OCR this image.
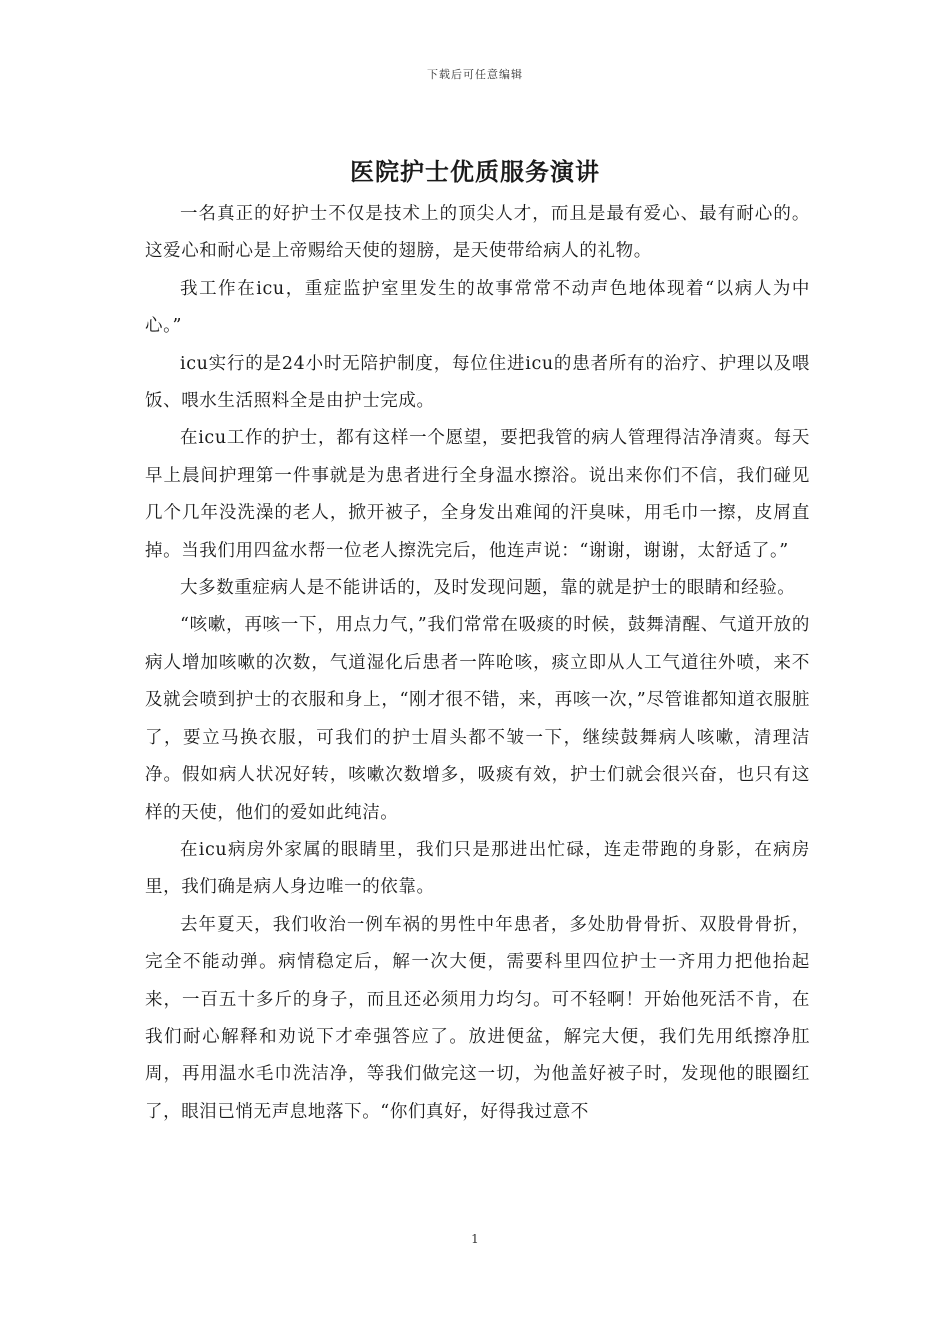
下载后可任意编辑
医院护士优质服务演讲

一名真正的好护士不仅是技术上的顶尖人才，而且是最有爱心、最有耐心的。这爱心和耐心是上帝赐给天使的翅膀，是天使带给病人的礼物。

我工作在icu，重症监护室里发生的故事常常不动声色地体现着“以病人为中心。”

icu实行的是24小时无陪护制度，每位住进icu的患者所有的治疗、护理以及喂饭、喂水生活照料全是由护士完成。

在icu工作的护士，都有这样一个愿望，要把我管的病人管理得洁净清爽。每天早上晨间护理第一件事就是为患者进行全身温水擦浴。说出来你们不信，我们碰见几个几年没洗澡的老人，掀开被子，全身发出难闻的汗臭味，用毛巾一擦，皮屑直掉。当我们用四盆水帮一位老人擦洗完后，他连声说：“谢谢，谢谢，太舒适了。”

大多数重症病人是不能讲话的，及时发现问题，靠的就是护士的眼睛和经验。

“咳嗽，再咳一下，用点力气，”我们常常在吸痰的时候，鼓舞清醒、气道开放的病人增加咳嗽的次数，气道湿化后患者一阵呛咳，痰立即从人工气道往外喷，来不及就会喷到护士的衣服和身上，“刚才很不错，来，再咳一次，”尽管谁都知道衣服脏了，要立马换衣服，可我们的护士眉头都不皱一下，继续鼓舞病人咳嗽，清理洁净。假如病人状况好转，咳嗽次数增多，吸痰有效，护士们就会很兴奋，也只有这样的天使，他们的爱如此纯洁。

在icu病房外家属的眼睛里，我们只是那进出忙碌，连走带跑的身影，在病房里，我们确是病人身边唯一的依靠。

去年夏天，我们收治一例车祸的男性中年患者，多处肋骨骨折、双股骨骨折，完全不能动弹。病情稳定后，解一次大便，需要科里四位护士一齐用力把他抬起来，一百五十多斤的身子，而且还必须用力均匀。可不轻啊！开始他死活不肯，在我们耐心解释和劝说下才牵强答应了。放进便盆，解完大便，我们先用纸擦净肛周，再用温水毛巾洗洁净，等我们做完这一切，为他盖好被子时，发现他的眼圈红了，眼泪已悄无声息地落下。“你们真好，好得我过意不

1
